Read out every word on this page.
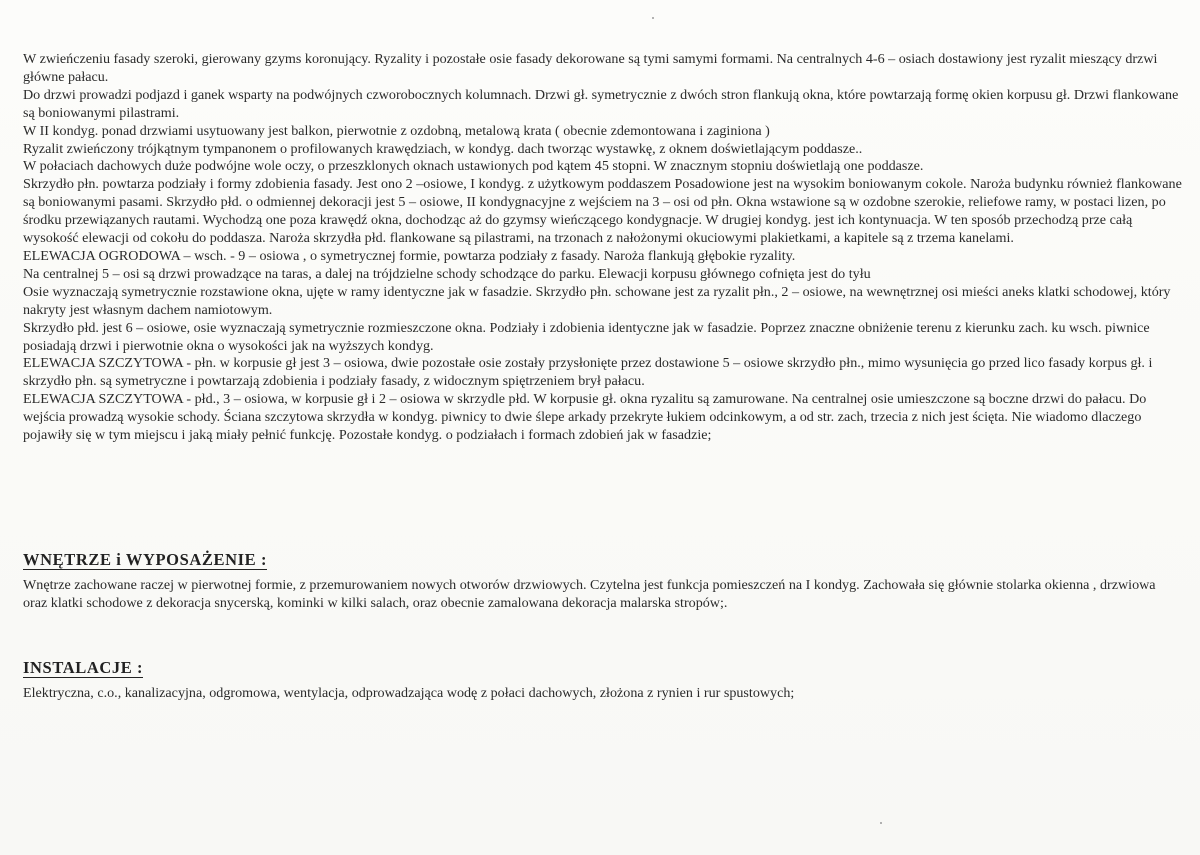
W zwieńczeniu fasady szeroki, gierowany gzyms koronujący. Ryzality i pozostałe osie fasady dekorowane są tymi samymi formami. Na centralnych 4-6 – osiach dostawiony jest ryzalit mieszący drzwi główne pałacu.

Do drzwi prowadzi podjazd i ganek wsparty na podwójnych czworobocznych kolumnach. Drzwi gł. symetrycznie z dwóch stron flankują okna, które powtarzają formę okien korpusu gł. Drzwi flankowane są boniowanymi pilastrami.

W II kondyg. ponad drzwiami usytuowany jest balkon, pierwotnie z ozdobną, metalową krata ( obecnie zdemontowana i zaginiona )

Ryzalit zwieńczony trójkątnym tympanonem o profilowanych krawędziach, w kondyg. dach tworząc wystawkę, z oknem doświetlającym poddasze..

W połaciach dachowych duże podwójne wole oczy, o przeszklonych oknach ustawionych pod kątem 45 stopni. W znacznym stopniu doświetlają one poddasze.

Skrzydło płn. powtarza podziały i formy zdobienia fasady. Jest ono 2 –osiowe, I kondyg. z użytkowym poddaszem Posadowione jest na wysokim boniowanym cokole. Naroża budynku również flankowane są boniowanymi pasami. Skrzydło płd. o odmiennej dekoracji jest 5 – osiowe, II kondygnacyjne z wejściem na 3 – osi od płn. Okna wstawione są w ozdobne szerokie, reliefowe ramy, w postaci lizen, po środku przewiązanych rautami. Wychodzą one poza krawędź okna, dochodząc aż do gzymsy wieńczącego kondygnacje. W drugiej kondyg. jest ich kontynuacja. W ten sposób przechodzą prze całą wysokość elewacji od cokołu do poddasza. Naroża skrzydła płd. flankowane są pilastrami, na trzonach z nałożonymi okuciowymi plakietkami, a kapitele są z trzema kanelami.

ELEWACJA OGRODOWA – wsch. - 9 – osiowa , o symetrycznej formie, powtarza podziały z fasady. Naroża flankują głębokie ryzality.

Na centralnej 5 – osi są drzwi prowadzące na taras, a dalej na trójdzielne schody schodzące do parku. Elewacji korpusu głównego cofnięta jest do tyłu

Osie wyznaczają symetrycznie rozstawione okna, ujęte w ramy identyczne jak w fasadzie. Skrzydło płn. schowane jest za ryzalit płn., 2 – osiowe, na wewnętrznej osi mieści aneks klatki schodowej, który nakryty jest własnym dachem namiotowym.

Skrzydło płd. jest 6 – osiowe, osie wyznaczają symetrycznie rozmieszczone okna. Podziały i zdobienia identyczne jak w fasadzie. Poprzez znaczne obniżenie terenu z kierunku zach. ku wsch. piwnice posiadają drzwi i pierwotnie okna o wysokości jak na wyższych kondyg.

ELEWACJA SZCZYTOWA - płn. w korpusie gł jest 3 – osiowa, dwie pozostałe osie zostały przysłonięte przez dostawione 5 – osiowe skrzydło płn., mimo wysunięcia go przed lico fasady korpus gł. i skrzydło płn. są symetryczne i powtarzają zdobienia i podziały fasady, z widocznym spiętrzeniem brył pałacu.

ELEWACJA SZCZYTOWA - płd., 3 – osiowa, w korpusie gł i 2 – osiowa w skrzydle płd. W korpusie gł. okna ryzalitu są zamurowane. Na centralnej osie umieszczone są boczne drzwi do pałacu. Do wejścia prowadzą wysokie schody. Ściana szczytowa skrzydła w kondyg. piwnicy to dwie ślepe arkady przekryte łukiem odcinkowym, a od str. zach, trzecia z nich jest ścięta. Nie wiadomo dlaczego pojawiły się w tym miejscu i jaką miały pełnić funkcję. Pozostałe kondyg. o podziałach i formach zdobień jak w fasadzie;

WNĘTRZE i WYPOSAŻENIE :

Wnętrze zachowane raczej w pierwotnej formie, z przemurowaniem nowych otworów drzwiowych. Czytelna jest funkcja pomieszczeń na I kondyg. Zachowała się głównie stolarka okienna , drzwiowa oraz klatki schodowe z dekoracja snycerską, kominki w kilki salach, oraz obecnie zamalowana dekoracja malarska stropów;.

INSTALACJE :

Elektryczna, c.o., kanalizacyjna, odgromowa, wentylacja, odprowadzająca wodę z połaci dachowych, złożona z rynien i rur spustowych;
